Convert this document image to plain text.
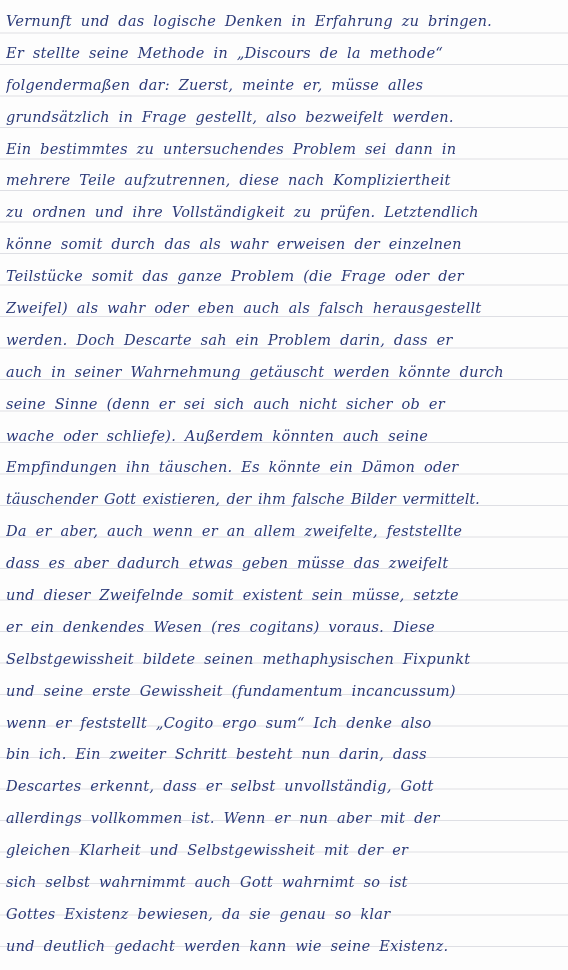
Vernunft und das logische Denken in Erfahrung zu bringen.
Er stellte seine Methode in „Discours de la methode“
folgendermaßen dar: Zuerst, meinte er, müsse alles
grundsätzlich in Frage gestellt, also bezweifelt werden.
Ein bestimmtes zu untersuchendes Problem sei dann in
mehrere Teile aufzutrennen, diese nach Kompliziertheit
zu ordnen und ihre Vollständigkeit zu prüfen. Letztendlich
könne somit durch das als wahr erweisen der einzelnen
Teilstücke somit das ganze Problem (die Frage oder der
Zweifel) als wahr oder eben auch als falsch herausgestellt
werden. Doch Descarte sah ein Problem darin, dass er
auch in seiner Wahrnehmung getäuscht werden könnte durch
seine Sinne (denn er sei sich auch nicht sicher ob er
wache oder schliefe). Außerdem könnten auch seine
Empfindungen ihn täuschen. Es könnte ein Dämon oder
täuschender Gott existieren, der ihm falsche Bilder vermittelt.
Da er aber, auch wenn er an allem zweifelte, feststellte
dass es aber dadurch etwas geben müsse das zweifelt
und dieser Zweifelnde somit existent sein müsse, setzte
er ein denkendes Wesen (res cogitans) voraus. Diese
Selbstgewissheit bildete seinen methaphysischen Fixpunkt
und seine erste Gewissheit (fundamentum incancussum)
wenn er feststellt „Cogito ergo sum“ Ich denke also
bin ich. Ein zweiter Schritt besteht nun darin, dass
Descartes erkennt, dass er selbst unvollständig, Gott
allerdings vollkommen ist. Wenn er nun aber mit der
gleichen Klarheit und Selbstgewissheit mit der er
sich selbst wahrnimmt auch Gott wahrnimt so ist
Gottes Existenz bewiesen, da sie genau so klar
und deutlich gedacht werden kann wie seine Existenz.
